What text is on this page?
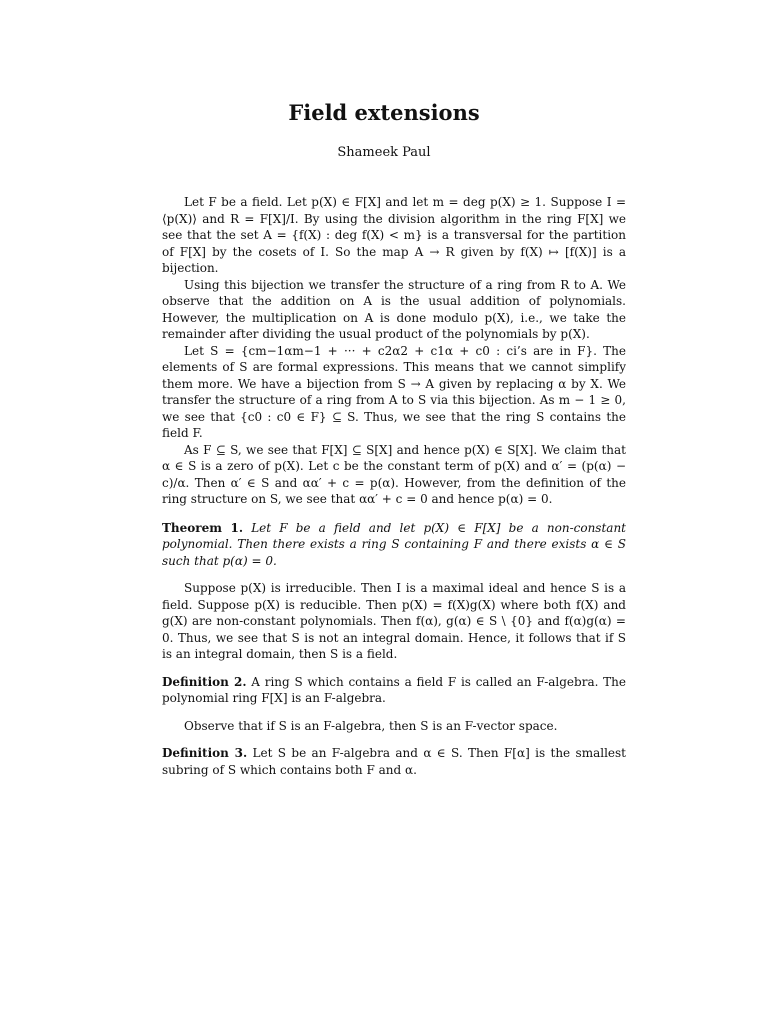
Field extensions
Shameek Paul

Let F be a field. Let p(X) ∈ F[X] and let m = deg p(X) ≥ 1. Suppose I = ⟨p(X)⟩ and R = F[X]/I. By using the division algorithm in the ring F[X] we see that the set A = {f(X) : deg f(X) < m} is a transversal for the partition of F[X] by the cosets of I. So the map A → R given by f(X) ↦ [f(X)] is a bijection.

Using this bijection we transfer the structure of a ring from R to A. We observe that the addition on A is the usual addition of polynomials. However, the multiplication on A is done modulo p(X), i.e., we take the remainder after dividing the usual product of the polynomials by p(X).

Let S = {cm−1αm−1 + ··· + c2α2 + c1α + c0 : ci’s are in F}. The elements of S are formal expressions. This means that we cannot simplify them more. We have a bijection from S → A given by replacing α by X. We transfer the structure of a ring from A to S via this bijection. As m − 1 ≥ 0, we see that {c0 : c0 ∈ F} ⊆ S. Thus, we see that the ring S contains the field F.

As F ⊆ S, we see that F[X] ⊆ S[X] and hence p(X) ∈ S[X]. We claim that α ∈ S is a zero of p(X). Let c be the constant term of p(X) and α′ = (p(α) − c)/α. Then α′ ∈ S and αα′ + c = p(α). However, from the definition of the ring structure on S, we see that αα′ + c = 0 and hence p(α) = 0.

Theorem 1. Let F be a field and let p(X) ∈ F[X] be a non-constant polynomial. Then there exists a ring S containing F and there exists α ∈ S such that p(α) = 0.

Suppose p(X) is irreducible. Then I is a maximal ideal and hence S is a field. Suppose p(X) is reducible. Then p(X) = f(X)g(X) where both f(X) and g(X) are non-constant polynomials. Then f(α), g(α) ∈ S \ {0} and f(α)g(α) = 0. Thus, we see that S is not an integral domain. Hence, it follows that if S is an integral domain, then S is a field.

Definition 2. A ring S which contains a field F is called an F-algebra. The polynomial ring F[X] is an F-algebra.

Observe that if S is an F-algebra, then S is an F-vector space.

Definition 3. Let S be an F-algebra and α ∈ S. Then F[α] is the smallest subring of S which contains both F and α.
